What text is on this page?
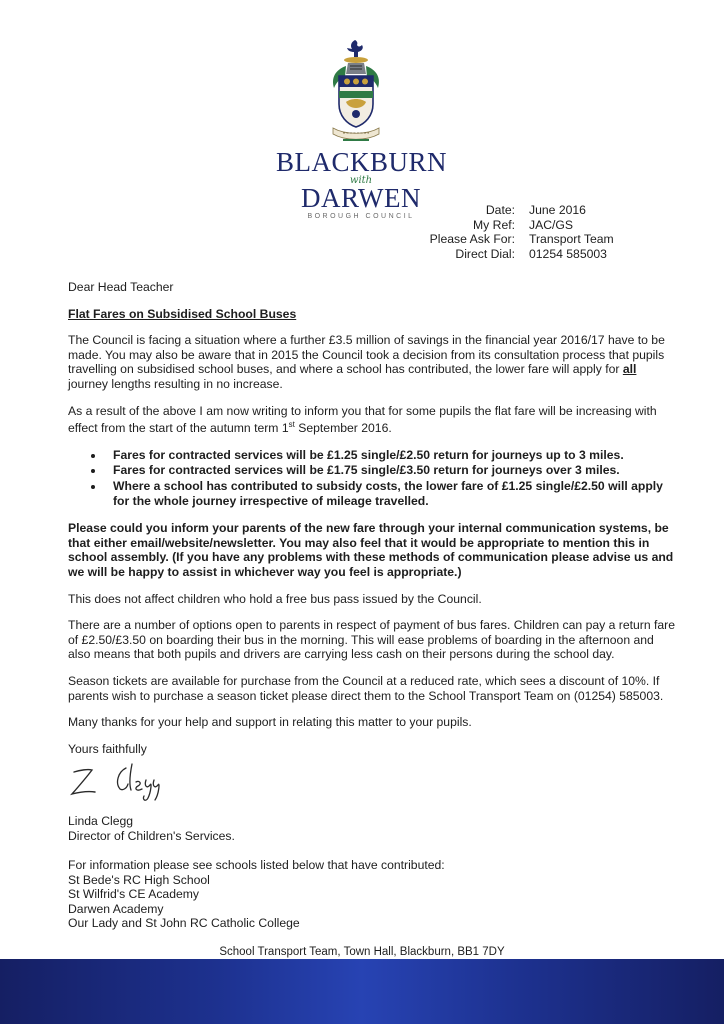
BLACKBURN
with
DARWEN
BOROUGH COUNCIL	Date:	June 2016
My Ref:	JAC/GS
Please Ask For:	Transport Team
Direct Dial:	01254 585003

Dear Head Teacher

Flat Fares on Subsidised School Buses

The Council is facing a situation where a further £3.5 million of savings in the financial year 2016/17 have to be made. You may also be aware that in 2015 the Council took a decision from its consultation process that pupils travelling on subsidised school buses, and where a school has contributed, the lower fare will apply for all journey lengths resulting in no increase.

As a result of the above I am now writing to inform you that for some pupils the flat fare will be increasing with effect from the start of the autumn term 1st September 2016.

• Fares for contracted services will be £1.25 single/£2.50 return for journeys up to 3 miles.
• Fares for contracted services will be £1.75 single/£3.50 return for journeys over 3 miles.
• Where a school has contributed to subsidy costs, the lower fare of £1.25 single/£2.50 will apply for the whole journey irrespective of mileage travelled.

Please could you inform your parents of the new fare through your internal communication systems, be that either email/website/newsletter. You may also feel that it would be appropriate to mention this in school assembly. (If you have any problems with these methods of communication please advise us and we will be happy to assist in whichever way you feel is appropriate.)

This does not affect children who hold a free bus pass issued by the Council.

There are a number of options open to parents in respect of payment of bus fares. Children can pay a return fare of £2.50/£3.50 on boarding their bus in the morning. This will ease problems of boarding in the afternoon and also means that both pupils and drivers are carrying less cash on their persons during the school day.

Season tickets are available for purchase from the Council at a reduced rate, which sees a discount of 10%. If parents wish to purchase a season ticket please direct them to the School Transport Team on (01254) 585003.

Many thanks for your help and support in relating this matter to your pupils.

Yours faithfully

Linda Clegg

Director of Children's Services.

For information please see schools listed below that have contributed:

St Bede's RC High School
St Wilfrid's CE Academy
Darwen Academy
Our Lady and St John RC Catholic College
School Transport Team, Town Hall, Blackburn, BB1 7DY
